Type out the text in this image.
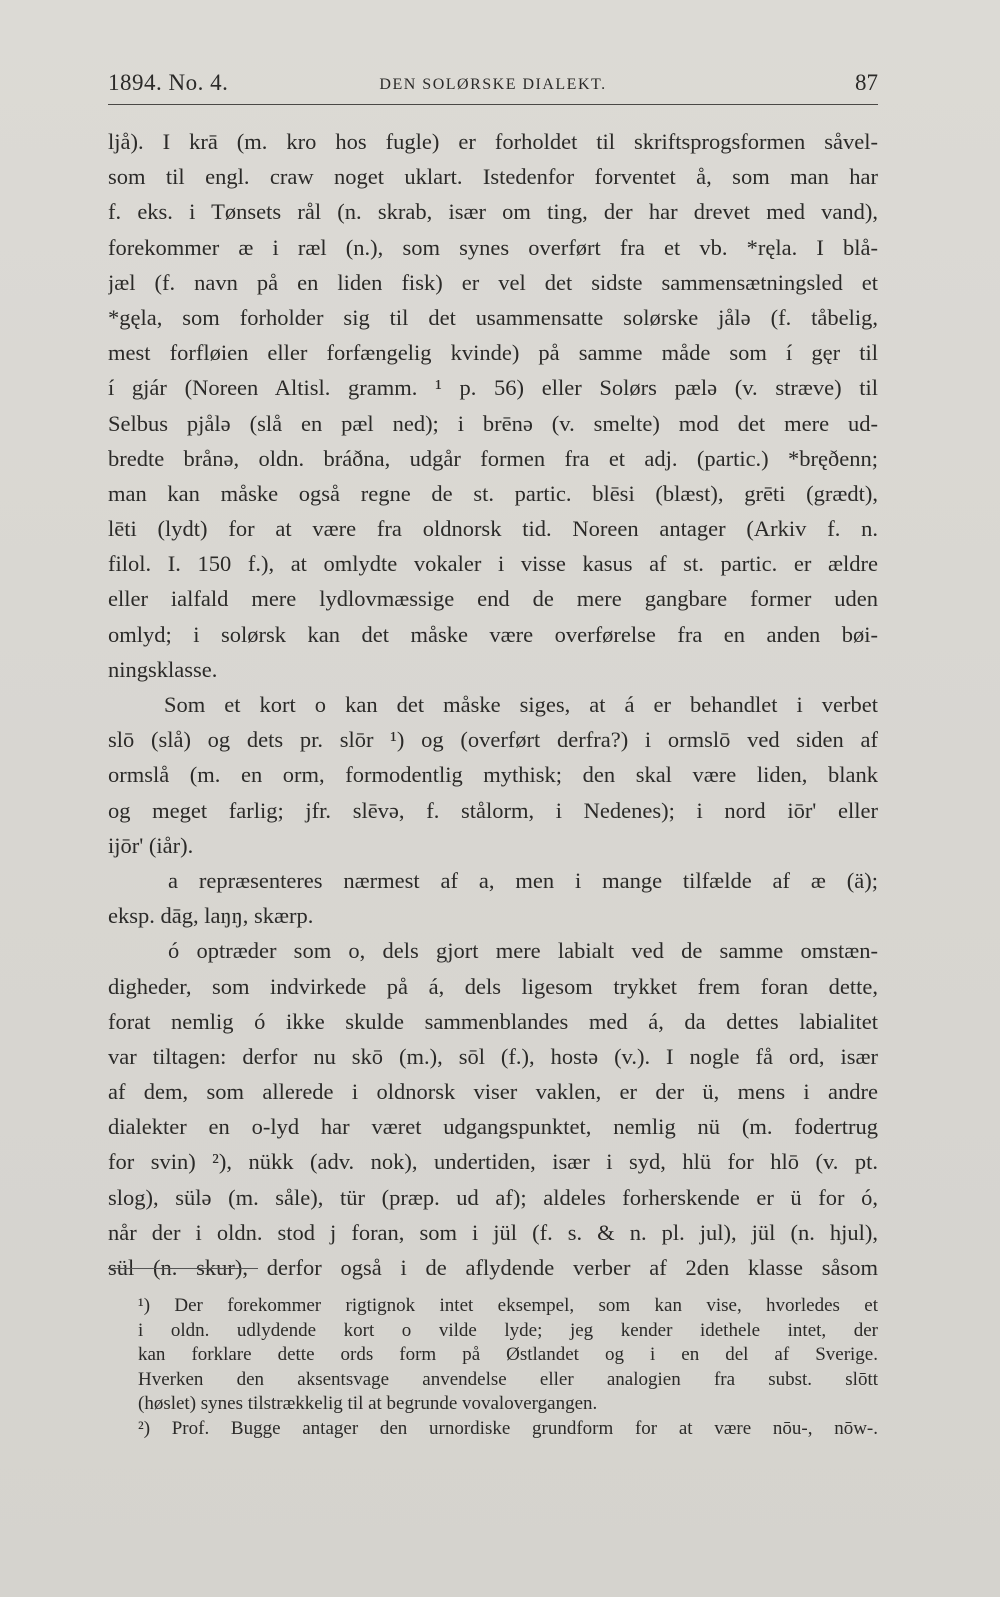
1894. No. 4.	DEN SOLØRSKE DIALEKT.	87
ljå). I krā (m. kro hos fugle) er forholdet til skriftsprogsformen såvel-
som til engl. craw noget uklart. Istedenfor forventet å, som man har
f. eks. i Tønsets rål (n. skrab, især om ting, der har drevet med vand),
forekommer æ i ræl (n.), som synes overført fra et vb. *ręla. I blå-
jæl (f. navn på en liden fisk) er vel det sidste sammensætningsled et
*gęla, som forholder sig til det usammensatte solørske jålə (f. tåbelig,
mest forfløien eller forfængelig kvinde) på samme måde som í gęr til
í gjár (Noreen Altisl. gramm. ¹ p. 56) eller Solørs pælə (v. stræve) til
Selbus pjålə (slå en pæl ned); i brēnə (v. smelte) mod det mere ud-
bredte brånə, oldn. bráðna, udgår formen fra et adj. (partic.) *bręðenn;
man kan måske også regne de st. partic. blēsi (blæst), grēti (grædt),
lēti (lydt) for at være fra oldnorsk tid. Noreen antager (Arkiv f. n.
filol. I. 150 f.), at omlydte vokaler i visse kasus af st. partic. er ældre
eller ialfald mere lydlovmæssige end de mere gangbare former uden
omlyd; i solørsk kan det måske være overførelse fra en anden bøi-
ningsklasse.
Som et kort o kan det måske siges, at á er behandlet i verbet
slō (slå) og dets pr. slōr ¹) og (overført derfra?) i ormslō ved siden af
ormslå (m. en orm, formodentlig mythisk; den skal være liden, blank
og meget farlig; jfr. slēvə, f. stålorm, i Nedenes); i nord iōr' eller
ijōr' (iår).
a repræsenteres nærmest af a, men i mange tilfælde af æ (ä);
eksp. dāg, laŋŋ, skærp.
ó optræder som o, dels gjort mere labialt ved de samme omstæn-
digheder, som indvirkede på á, dels ligesom trykket frem foran dette,
forat nemlig ó ikke skulde sammenblandes med á, da dettes labialitet
var tiltagen: derfor nu skō (m.), sōl (f.), hostə (v.). I nogle få ord, især
af dem, som allerede i oldnorsk viser vaklen, er der ü, mens i andre
dialekter en o-lyd har været udgangspunktet, nemlig nü (m. fodertrug
for svin) ²), nükk (adv. nok), undertiden, især i syd, hlü for hlō (v. pt.
slog), sülə (m. såle), tür (præp. ud af); aldeles forherskende er ü for ó,
når der i oldn. stod j foran, som i jül (f. s. & n. pl. jul), jül (n. hjul),
sül (n. skur), derfor også i de aflydende verber af 2den klasse såsom
¹) Der forekommer rigtignok intet eksempel, som kan vise, hvorledes et
i oldn. udlydende kort o vilde lyde; jeg kender idethele intet, der
kan forklare dette ords form på Østlandet og i en del af Sverige.
Hverken den aksentsvage anvendelse eller analogien fra subst. slōtt
(høslet) synes tilstrækkelig til at begrunde vovalovergangen.
²) Prof. Bugge antager den urnordiske grundform for at være nōu-, nōw-.
